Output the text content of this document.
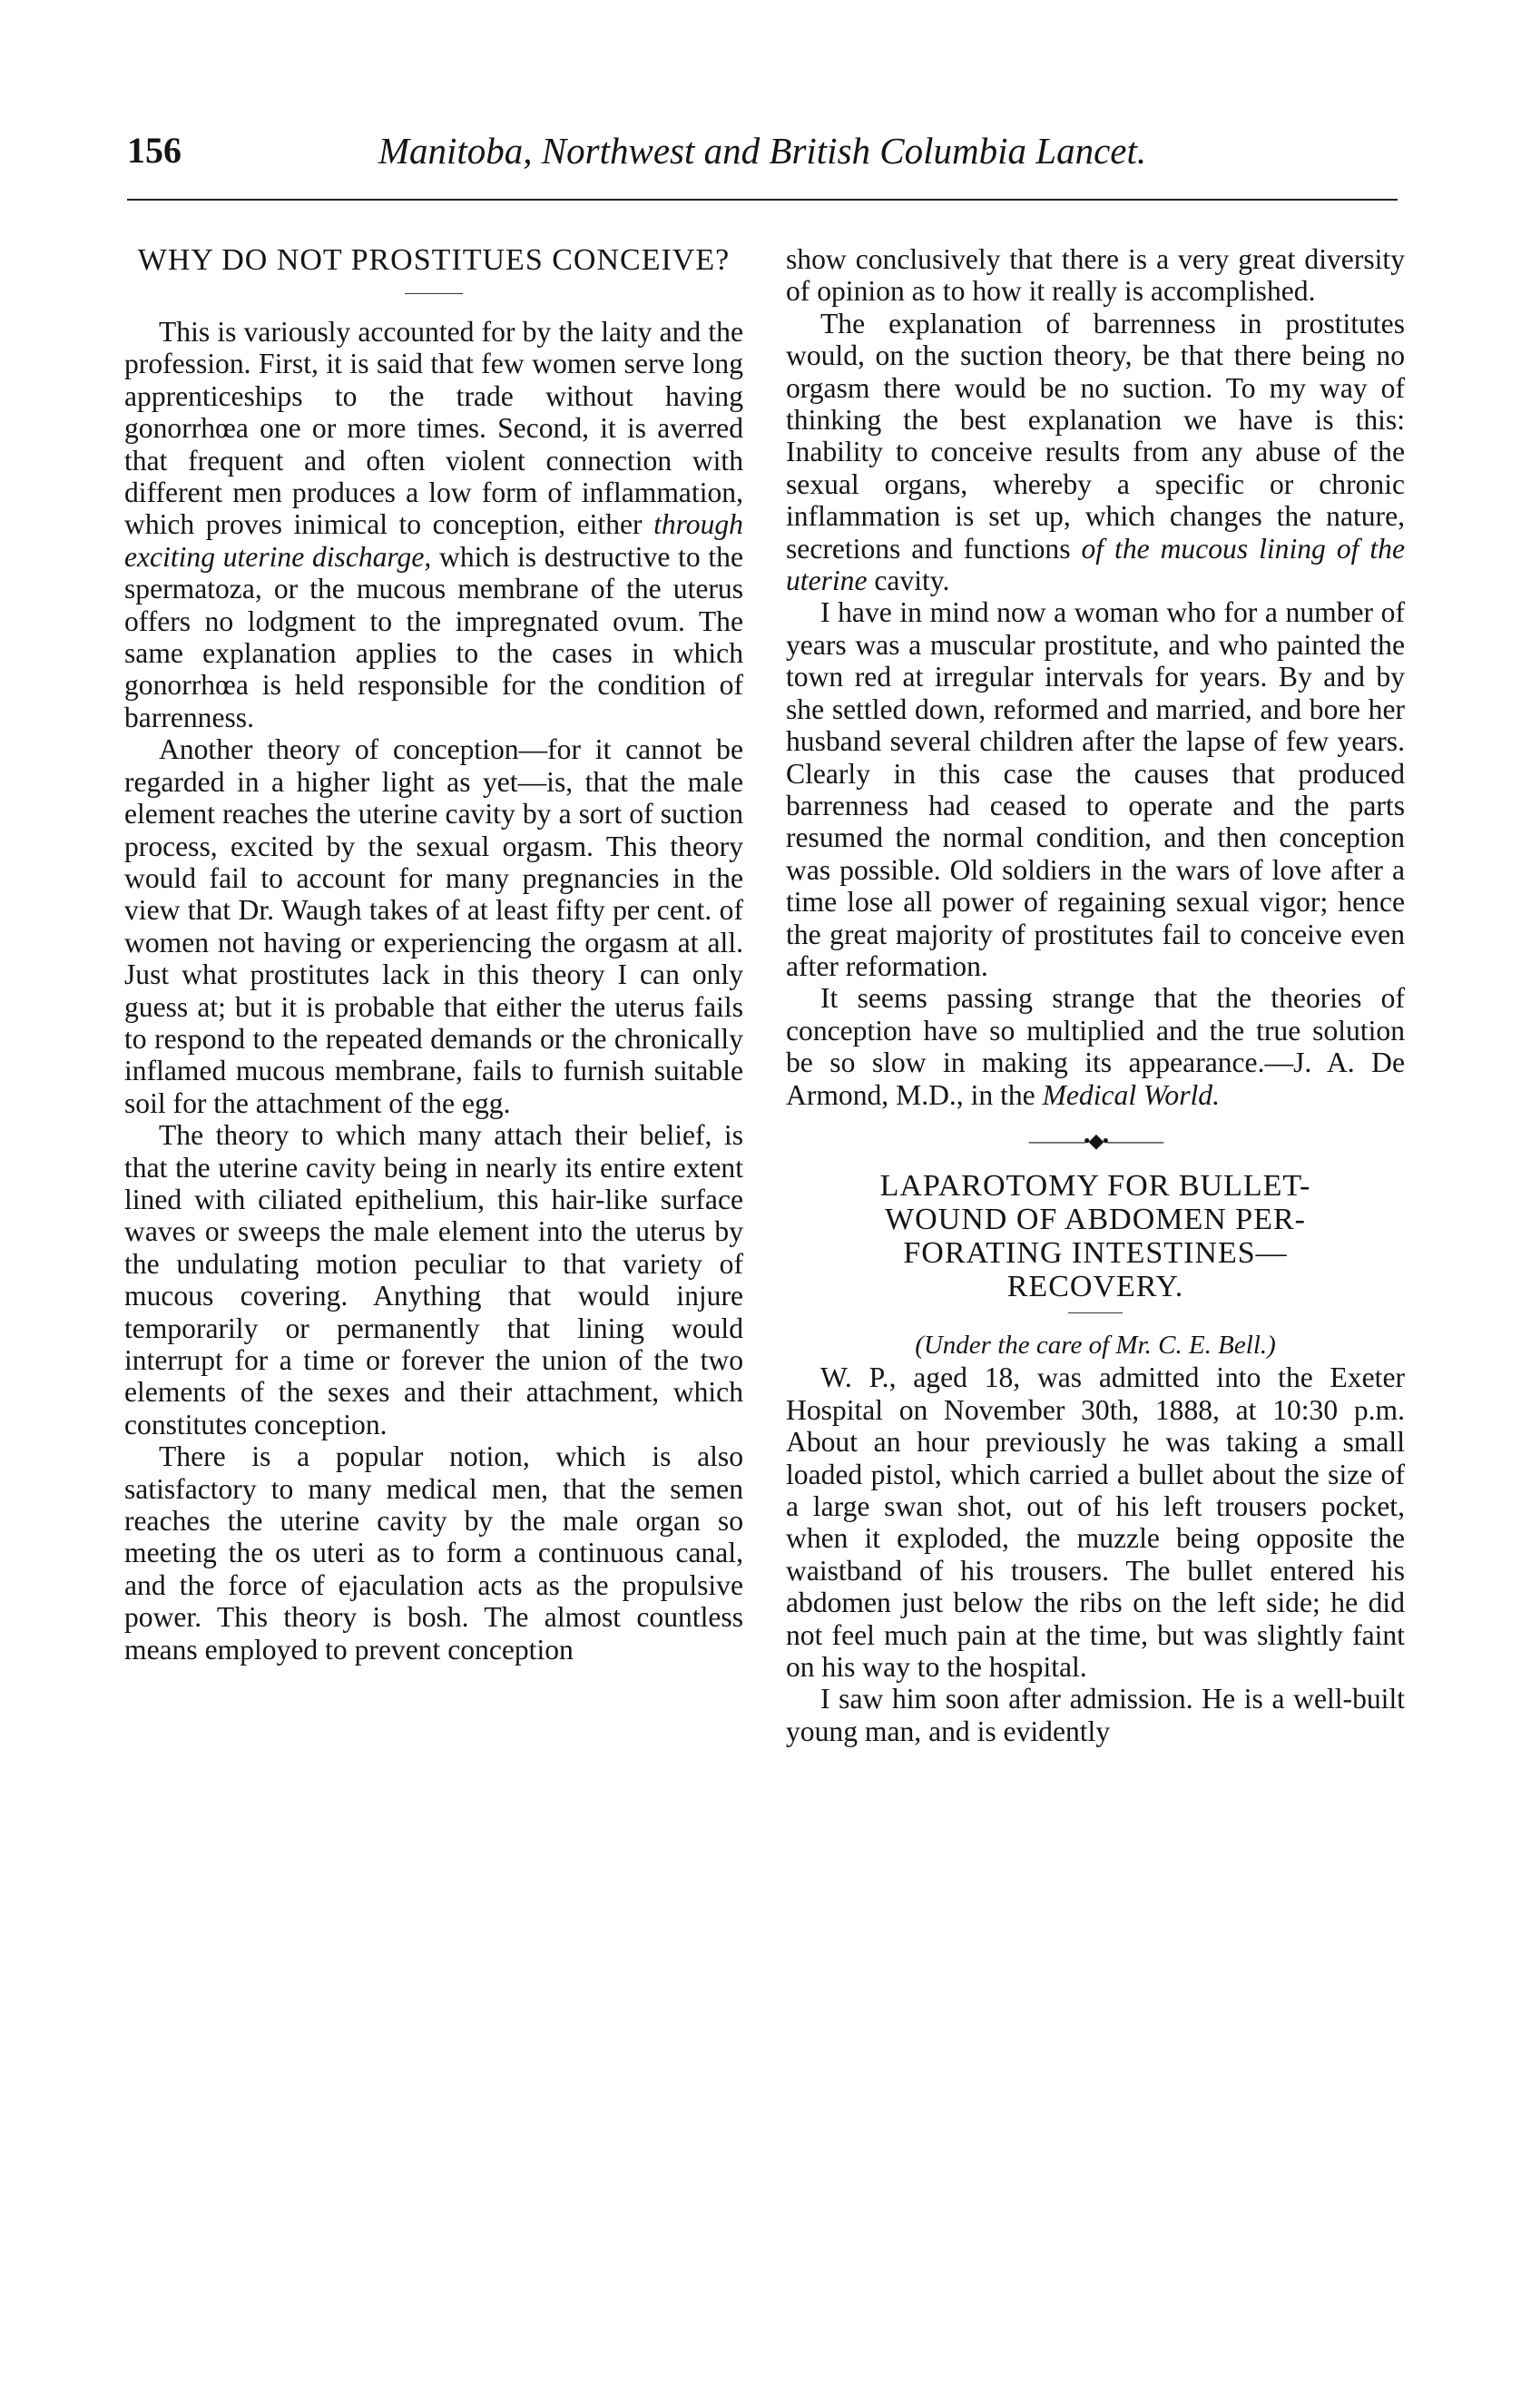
156	Manitoba, Northwest and British Columbia Lancet.

WHY DO NOT PROSTITUES CONCEIVE?

This is variously accounted for by the laity and the profession. First, it is said that few women serve long apprenticeships to the trade without having gonorrhœa one or more times. Second, it is averred that frequent and often violent connection with different men produces a low form of inflammation, which proves inimical to conception, either through exciting uterine discharge, which is destructive to the spermatoza, or the mucous membrane of the uterus offers no lodgment to the impregnated ovum. The same explanation applies to the cases in which gonorrhœa is held responsible for the condition of barrenness.

Another theory of conception—for it cannot be regarded in a higher light as yet—is, that the male element reaches the uterine cavity by a sort of suction process, excited by the sexual orgasm. This theory would fail to account for many pregnancies in the view that Dr. Waugh takes of at least fifty per cent. of women not having or experiencing the orgasm at all. Just what prostitutes lack in this theory I can only guess at; but it is probable that either the uterus fails to respond to the repeated demands or the chronically inflamed mucous membrane, fails to furnish suitable soil for the attachment of the egg.

The theory to which many attach their belief, is that the uterine cavity being in nearly its entire extent lined with ciliated epithelium, this hair-like surface waves or sweeps the male element into the uterus by the undulating motion peculiar to that variety of mucous covering. Anything that would injure temporarily or permanently that lining would interrupt for a time or forever the union of the two elements of the sexes and their attachment, which constitutes conception.

There is a popular notion, which is also satisfactory to many medical men, that the semen reaches the uterine cavity by the male organ so meeting the os uteri as to form a continuous canal, and the force of ejaculation acts as the propulsive power. This theory is bosh. The almost countless means employed to prevent conception

show conclusively that there is a very great diversity of opinion as to how it really is accomplished.

The explanation of barrenness in prostitutes would, on the suction theory, be that there being no orgasm there would be no suction. To my way of thinking the best explanation we have is this: Inability to conceive results from any abuse of the sexual organs, whereby a specific or chronic inflammation is set up, which changes the nature, secretions and functions of the mucous lining of the uterine cavity.

I have in mind now a woman who for a number of years was a muscular prostitute, and who painted the town red at irregular intervals for years. By and by she settled down, reformed and married, and bore her husband several children after the lapse of few years. Clearly in this case the causes that produced barrenness had ceased to operate and the parts resumed the normal condition, and then conception was possible. Old soldiers in the wars of love after a time lose all power of regaining sexual vigor; hence the great majority of prostitutes fail to conceive even after reformation.

It seems passing strange that the theories of conception have so multiplied and the true solution be so slow in making its appearance.—J. A. De Armond, M.D., in the Medical World.

———•◆•———

LAPAROTOMY FOR BULLET-
WOUND OF ABDOMEN PER-
FORATING INTESTINES—
RECOVERY.

(Under the care of Mr. C. E. Bell.)

W. P., aged 18, was admitted into the Exeter Hospital on November 30th, 1888, at 10:30 p.m. About an hour previously he was taking a small loaded pistol, which carried a bullet about the size of a large swan shot, out of his left trousers pocket, when it exploded, the muzzle being opposite the waistband of his trousers. The bullet entered his abdomen just below the ribs on the left side; he did not feel much pain at the time, but was slightly faint on his way to the hospital.

I saw him soon after admission. He is a well-built young man, and is evidently
